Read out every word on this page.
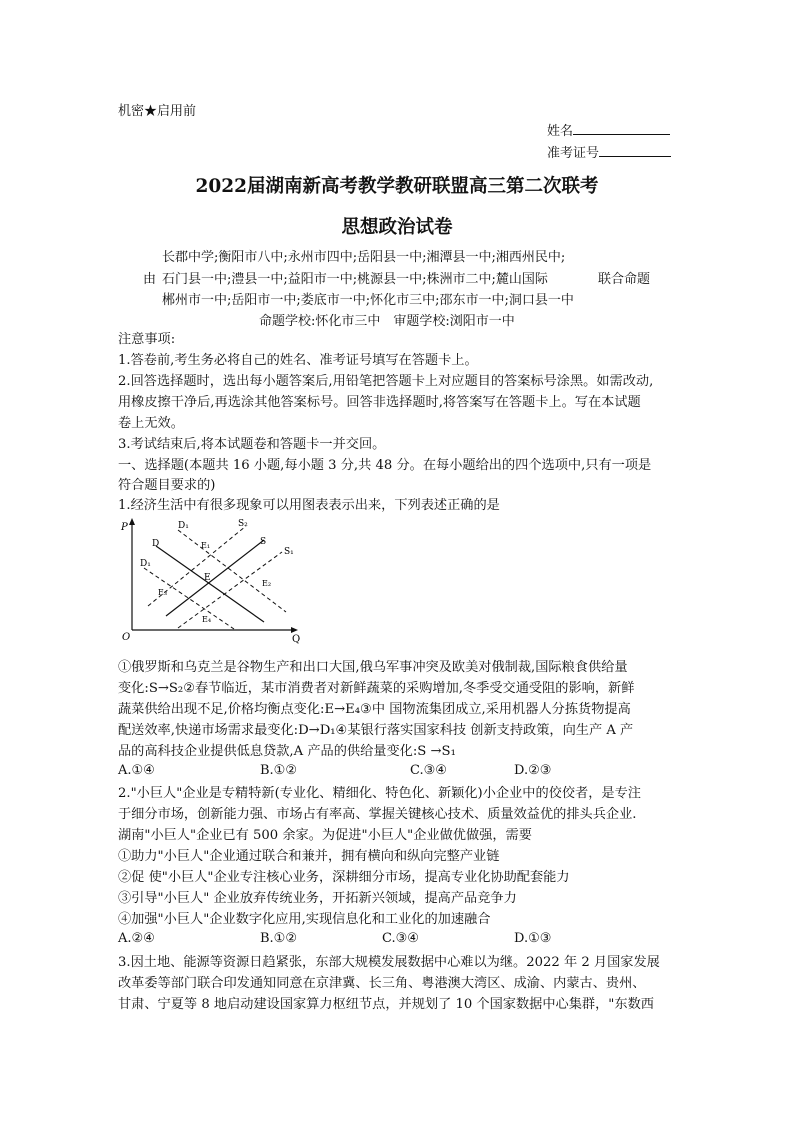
机密★启用前
姓名
准考证号
2022届湖南新高考教学教研联盟高三第二次联考
思想政治试卷
长郡中学;衡阳市八中;永州市四中;岳阳县一中;湘潭县一中;湘西州民中;
由 石门县一中;澧县一中;益阳市一中;桃源县一中;株洲市二中;麓山国际	联合命题
郴州市一中;岳阳市一中;娄底市一中;怀化市三中;邵东市一中;洞口县一中
命题学校:怀化市三中　审题学校:浏阳市一中
注意事项:
1.答卷前,考生务必将自己的姓名、准考证号填写在答题卡上。
2.回答选择题时，选出每小题答案后,用铅笔把答题卡上对应题目的答案标号涂黑。如需改动,
用橡皮擦干净后,再选涂其他答案标号。回答非选择题时,将答案写在答题卡上。写在本试题
卷上无效。
3.考试结束后,将本试题卷和答题卡一并交回。
一、选择题(本题共 16 小题,每小题 3 分,共 48 分。在每小题给出的四个选项中,只有一项是
符合题目要求的)
1.经济生活中有很多现象可以用图表表示出来，下列表述正确的是
P
Q
O
D₁
D
D₁
S₂
S
S₁
E
E₁
E₂
E₃
E₄
①俄罗斯和乌克兰是谷物生产和出口大国,俄乌军事冲突及欧美对俄制裁,国际粮食供给量
变化:S→S₂②春节临近，某市消费者对新鲜蔬菜的采购增加,冬季受交通受阻的影响，新鲜
蔬菜供给出现不足,价格均衡点变化:E→E₄③中 国物流集团成立,采用机器人分拣货物提高
配送效率,快递市场需求最变化:D→D₁④某银行落实国家科技 创新支持政策，向生产 A 产
品的高科技企业提供低息贷款,A 产品的供给量变化:S →S₁
A.①④	B.①②	C.③④	D.②③
2."小巨人"企业是专精特新(专业化、精细化、特色化、新颖化)小企业中的佼佼者，是专注
于细分市场，创新能力强、市场占有率高、掌握关键核心技术、质量效益优的排头兵企业.
湖南"小巨人"企业已有 500 余家。为促进"小巨人"企业做优做强，需要
①助力"小巨人"企业通过联合和兼并，拥有横向和纵向完整产业链
②促 使"小巨人"企业专注核心业务，深耕细分市场，提高专业化协助配套能力
③引导"小巨人" 企业放弃传统业务，开拓新兴领域，提高产品竞争力
④加强"小巨人"企业数字化应用,实现信息化和工业化的加速融合
A.②④	B.①②	C.③④	D.①③
3.因土地、能源等资源日趋紧张，东部大规模发展数据中心难以为继。2022 年 2 月国家发展
改革委等部门联合印发通知同意在京津冀、长三角、粤港澳大湾区、成渝、内蒙古、贵州、
甘肃、宁夏等 8 地启动建设国家算力枢纽节点，并规划了 10 个国家数据中心集群，"东数西
